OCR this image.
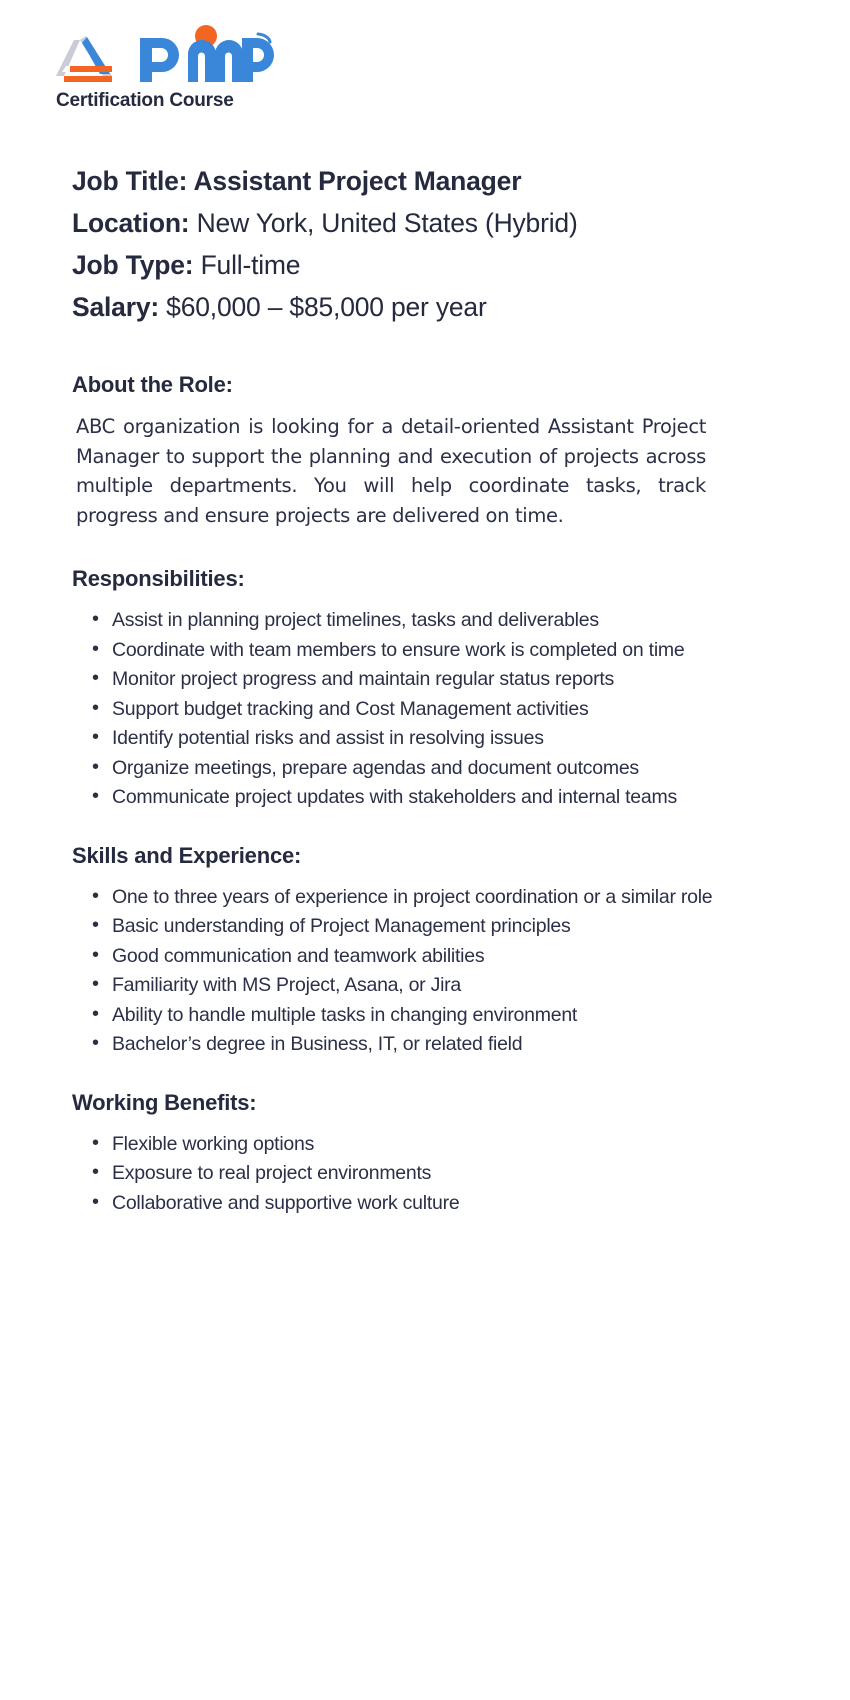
Certification Course
Job Title: Assistant Project Manager
Location: New York, United States (Hybrid)
Job Type: Full-time
Salary: $60,000 – $85,000 per year
About the Role:

ABC organization is looking for a detail-oriented Assistant Project Manager to support the planning and execution of projects across multiple departments. You will help coordinate tasks, track progress and ensure projects are delivered on time.

Responsibilities:
• Assist in planning project timelines, tasks and deliverables
• Coordinate with team members to ensure work is completed on time
• Monitor project progress and maintain regular status reports
• Support budget tracking and Cost Management activities
• Identify potential risks and assist in resolving issues
• Organize meetings, prepare agendas and document outcomes
• Communicate project updates with stakeholders and internal teams
Skills and Experience:
• One to three years of experience in project coordination or a similar role
• Basic understanding of Project Management principles
• Good communication and teamwork abilities
• Familiarity with MS Project, Asana, or Jira
• Ability to handle multiple tasks in changing environment
• Bachelor’s degree in Business, IT, or related field
Working Benefits:
• Flexible working options
• Exposure to real project environments
• Collaborative and supportive work culture
